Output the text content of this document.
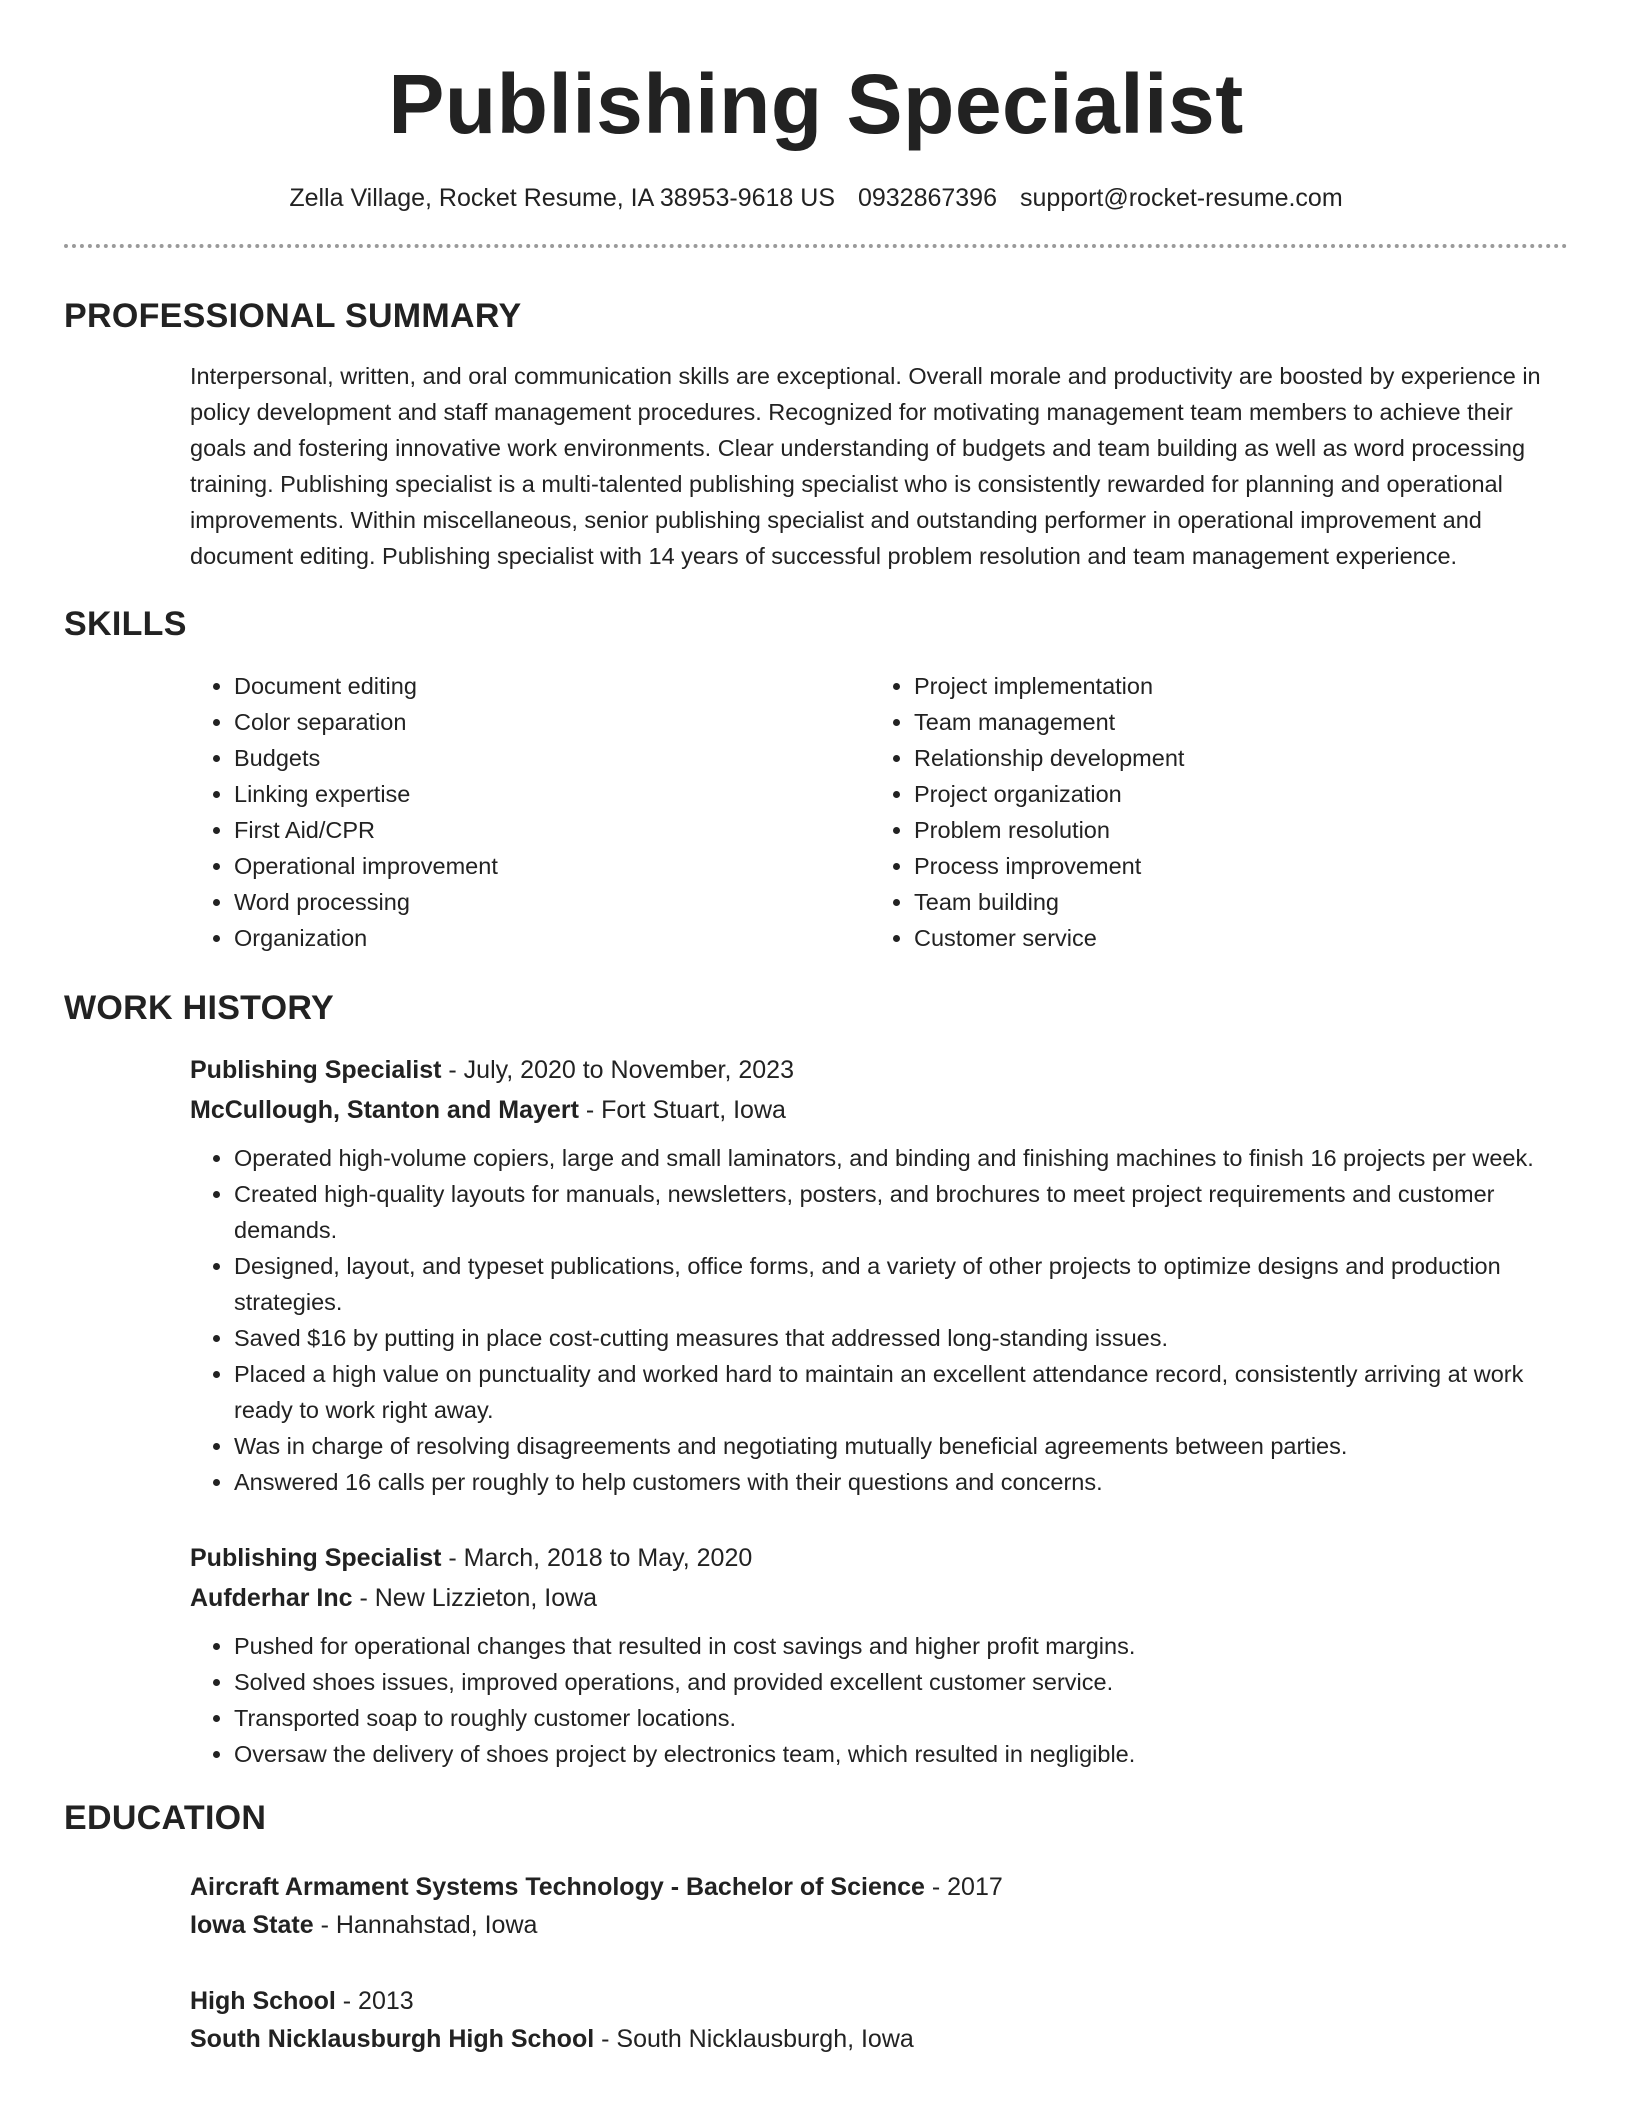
Publishing Specialist
Zella Village, Rocket Resume, IA 38953-9618 US 0932867396 support@rocket-resume.com
PROFESSIONAL SUMMARY

Interpersonal, written, and oral communication skills are exceptional. Overall morale and productivity are boosted by experience in policy development and staff management procedures. Recognized for motivating management team members to achieve their goals and fostering innovative work environments. Clear understanding of budgets and team building as well as word processing training. Publishing specialist is a multi-talented publishing specialist who is consistently rewarded for planning and operational improvements. Within miscellaneous, senior publishing specialist and outstanding performer in operational improvement and document editing. Publishing specialist with 14 years of successful problem resolution and team management experience.

SKILLS
• Document editing
• Color separation
• Budgets
• Linking expertise
• First Aid/CPR
• Operational improvement
• Word processing
• Organization
• Project implementation
• Team management
• Relationship development
• Project organization
• Problem resolution
• Process improvement
• Team building
• Customer service
WORK HISTORY
Publishing Specialist - July, 2020 to November, 2023
McCullough, Stanton and Mayert - Fort Stuart, Iowa
• Operated high-volume copiers, large and small laminators, and binding and finishing machines to finish 16 projects per week.
• Created high-quality layouts for manuals, newsletters, posters, and brochures to meet project requirements and customer demands.
• Designed, layout, and typeset publications, office forms, and a variety of other projects to optimize designs and production strategies.
• Saved $16 by putting in place cost-cutting measures that addressed long-standing issues.
• Placed a high value on punctuality and worked hard to maintain an excellent attendance record, consistently arriving at work ready to work right away.
• Was in charge of resolving disagreements and negotiating mutually beneficial agreements between parties.
• Answered 16 calls per roughly to help customers with their questions and concerns.
Publishing Specialist - March, 2018 to May, 2020
Aufderhar Inc - New Lizzieton, Iowa
• Pushed for operational changes that resulted in cost savings and higher profit margins.
• Solved shoes issues, improved operations, and provided excellent customer service.
• Transported soap to roughly customer locations.
• Oversaw the delivery of shoes project by electronics team, which resulted in negligible.
EDUCATION
Aircraft Armament Systems Technology - Bachelor of Science - 2017
Iowa State - Hannahstad, Iowa
High School - 2013
South Nicklausburgh High School - South Nicklausburgh, Iowa
